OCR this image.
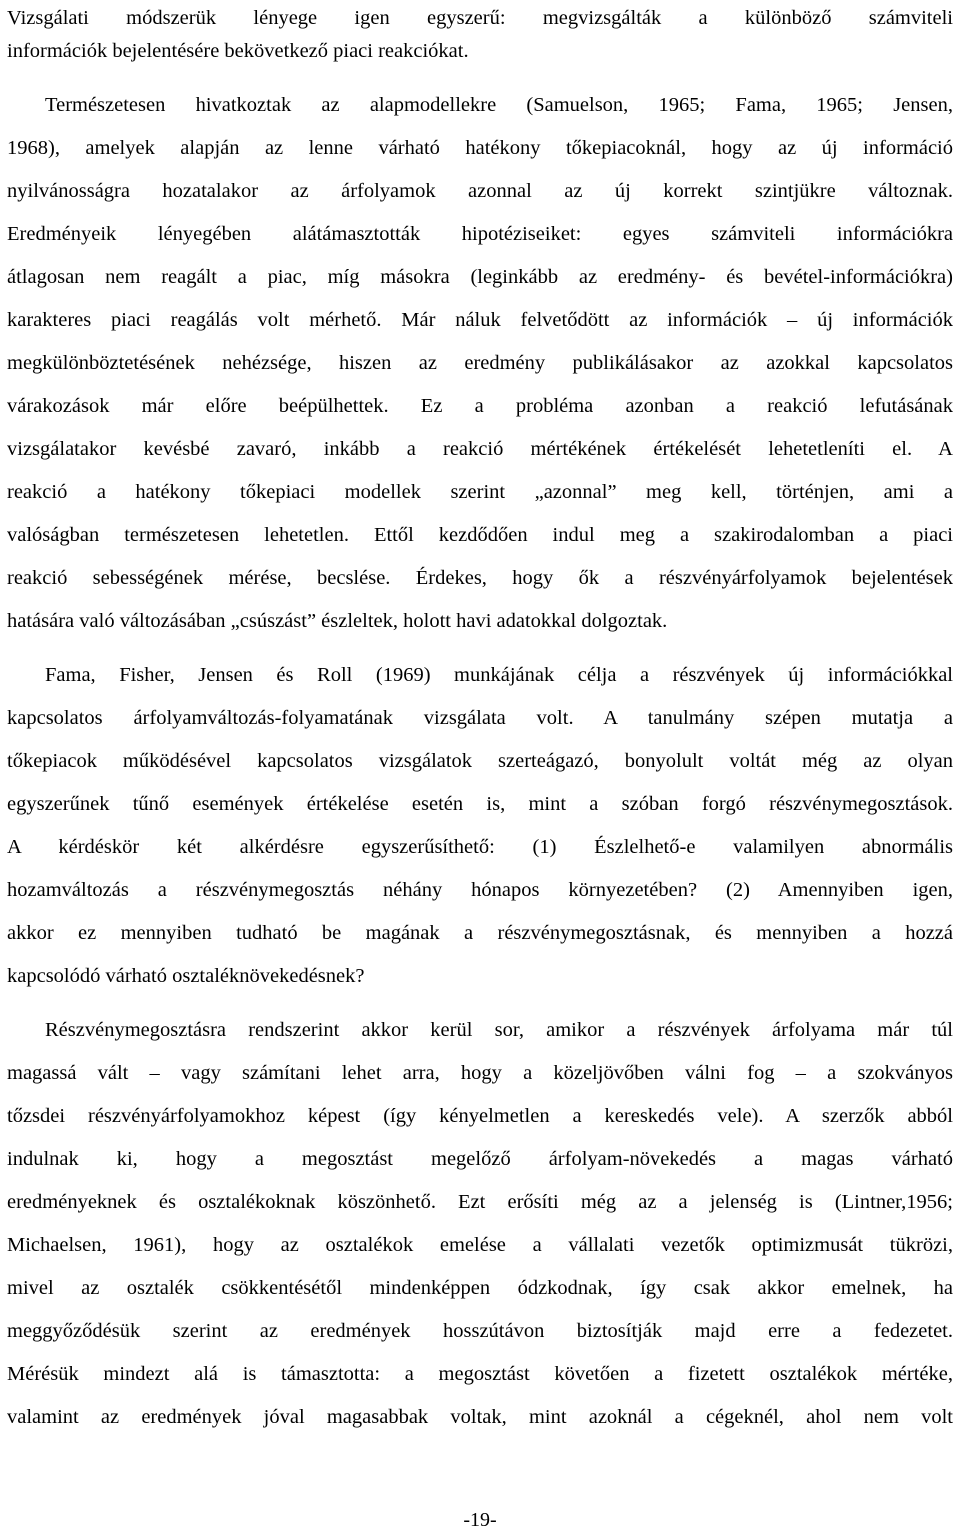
Vizsgálati módszerük lényege igen egyszerű: megvizsgálták a különböző számviteli
információk bejelentésére bekövetkező piaci reakciókat.
Természetesen hivatkoztak az alapmodellekre (Samuelson, 1965; Fama, 1965; Jensen,
1968), amelyek alapján az lenne várható hatékony tőkepiacoknál, hogy az új információ
nyilvánosságra hozatalakor az árfolyamok azonnal az új korrekt szintjükre változnak.
Eredményeik lényegében alátámasztották hipotéziseiket: egyes számviteli információkra
átlagosan nem reagált a piac, míg másokra (leginkább az eredmény- és bevétel-információkra)
karakteres piaci reagálás volt mérhető. Már náluk felvetődött az információk – új információk
megkülönböztetésének nehézsége, hiszen az eredmény publikálásakor az azokkal kapcsolatos
várakozások már előre beépülhettek. Ez a probléma azonban a reakció lefutásának
vizsgálatakor kevésbé zavaró, inkább a reakció mértékének értékelését lehetetleníti el. A
reakció a hatékony tőkepiaci modellek szerint „azonnal” meg kell, történjen, ami a
valóságban természetesen lehetetlen. Ettől kezdődően indul meg a szakirodalomban a piaci
reakció sebességének mérése, becslése. Érdekes, hogy ők a részvényárfolyamok bejelentések
hatására való változásában „csúszást” észleltek, holott havi adatokkal dolgoztak.
Fama, Fisher, Jensen és Roll (1969) munkájának célja a részvények új információkkal
kapcsolatos árfolyamváltozás-folyamatának vizsgálata volt. A tanulmány szépen mutatja a
tőkepiacok működésével kapcsolatos vizsgálatok szerteágazó, bonyolult voltát még az olyan
egyszerűnek tűnő események értékelése esetén is, mint a szóban forgó részvénymegosztások.
A kérdéskör két alkérdésre egyszerűsíthető: (1) Észlelhető-e valamilyen abnormális
hozamváltozás a részvénymegosztás néhány hónapos környezetében? (2) Amennyiben igen,
akkor ez mennyiben tudható be magának a részvénymegosztásnak, és mennyiben a hozzá
kapcsolódó várható osztaléknövekedésnek?
Részvénymegosztásra rendszerint akkor kerül sor, amikor a részvények árfolyama már túl
magassá vált – vagy számítani lehet arra, hogy a közeljövőben válni fog – a szokványos
tőzsdei részvényárfolyamokhoz képest (így kényelmetlen a kereskedés vele). A szerzők abból
indulnak ki, hogy a megosztást megelőző árfolyam-növekedés a magas várható
eredményeknek és osztalékoknak köszönhető. Ezt erősíti még az a jelenség is (Lintner,1956;
Michaelsen, 1961), hogy az osztalékok emelése a vállalati vezetők optimizmusát tükrözi,
mivel az osztalék csökkentésétől mindenképpen ódzkodnak, így csak akkor emelnek, ha
meggyőződésük szerint az eredmények hosszútávon biztosítják majd erre a fedezetet.
Mérésük mindezt alá is támasztotta: a megosztást követően a fizetett osztalékok mértéke,
valamint az eredmények jóval magasabbak voltak, mint azoknál a cégeknél, ahol nem volt
-19-
